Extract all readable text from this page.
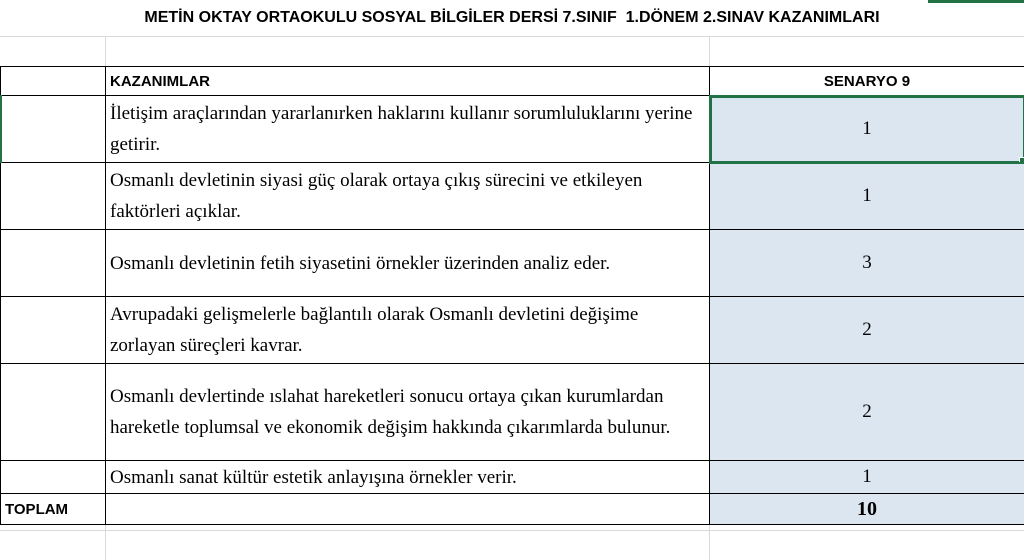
METİN OKTAY ORTAOKULU SOSYAL BİLGİLER DERSİ 7.SINIF  1.DÖNEM 2.SINAV KAZANIMLARI
	KAZANIMLAR	SENARYO 9
	İletişim araçlarından yararlanırken haklarını kullanır sorumluluklarını yerine getirir.	1

	Osmanlı devletinin siyasi güç olarak ortaya çıkış sürecini ve etkileyen faktörleri açıklar.	1
	Osmanlı devletinin fetih siyasetini örnekler üzerinden analiz eder.	3
	Avrupadaki gelişmelerle bağlantılı olarak Osmanlı devletini değişime zorlayan süreçleri kavrar.	2
	Osmanlı devlertinde ıslahat hareketleri sonucu ortaya çıkan kurumlardan hareketle toplumsal ve ekonomik değişim hakkında çıkarımlarda bulunur.	2
	Osmanlı sanat kültür estetik anlayışına örnekler verir.	1
TOPLAM		10
